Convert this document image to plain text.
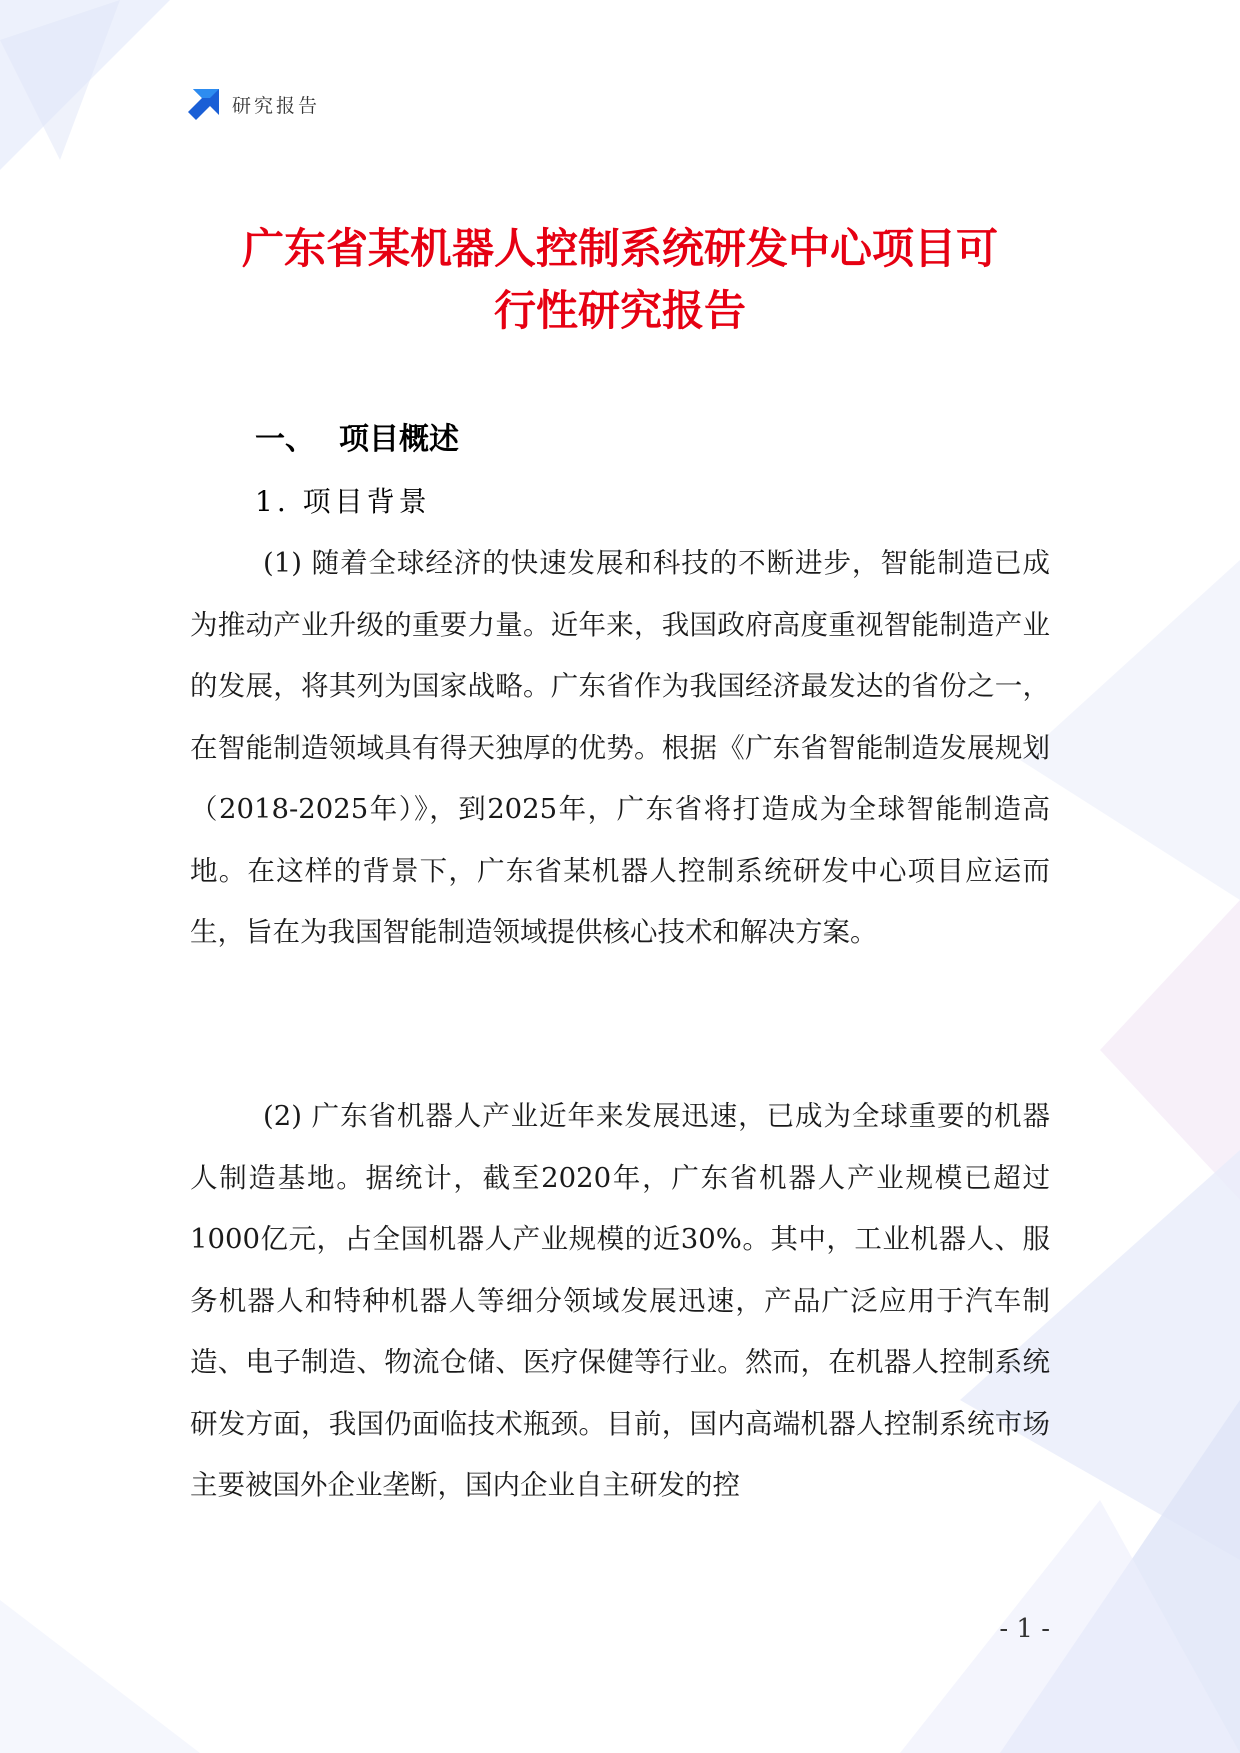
研究报告
广东省某机器人控制系统研发中心项目可
行性研究报告
一、 项目概述
1. 项目背景

(1) 随着全球经济的快速发展和科技的不断进步，智能制造已成为推动产业升级的重要力量。近年来，我国政府高度重视智能制造产业的发展，将其列为国家战略。广东省作为我国经济最发达的省份之一，在智能制造领域具有得天独厚的优势。根据《广东省智能制造发展规划（2018-2025年）》，到2025年，广东省将打造成为全球智能制造高地。在这样的背景下，广东省某机器人控制系统研发中心项目应运而生，旨在为我国智能制造领域提供核心技术和解决方案。

(2) 广东省机器人产业近年来发展迅速，已成为全球重要的机器人制造基地。据统计，截至2020年，广东省机器人产业规模已超过1000亿元，占全国机器人产业规模的近30%。其中，工业机器人、服务机器人和特种机器人等细分领域发展迅速，产品广泛应用于汽车制造、电子制造、物流仓储、医疗保健等行业。然而，在机器人控制系统研发方面，我国仍面临技术瓶颈。目前，国内高端机器人控制系统市场主要被国外企业垄断，国内企业自主研发的控

- 1 -
